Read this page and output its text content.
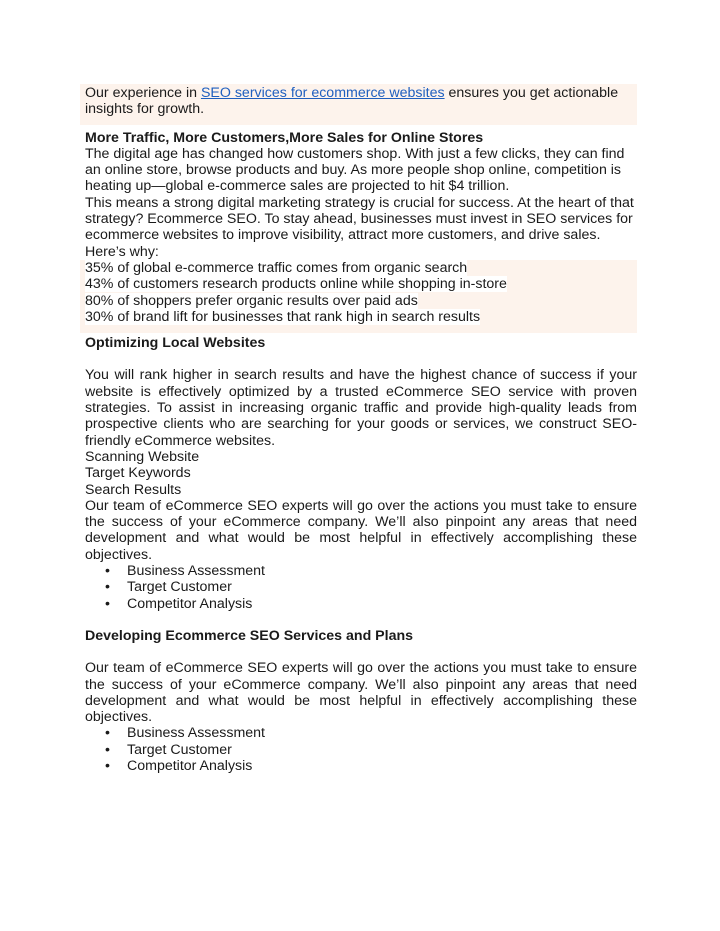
Our experience in SEO services for ecommerce websites ensures you get actionable insights for growth.
More Traffic, More Customers,More Sales for Online Stores
The digital age has changed how customers shop. With just a few clicks, they can find an online store, browse products and buy. As more people shop online, competition is heating up—global e-commerce sales are projected to hit $4 trillion.
This means a strong digital marketing strategy is crucial for success. At the heart of that strategy? Ecommerce SEO. To stay ahead, businesses must invest in SEO services for ecommerce websites to improve visibility, attract more customers, and drive sales.
Here’s why:
35% of global e-commerce traffic comes from organic search
43% of customers research products online while shopping in-store
80% of shoppers prefer organic results over paid ads
30% of brand lift for businesses that rank high in search results
Optimizing Local Websites
You will rank higher in search results and have the highest chance of success if your website is effectively optimized by a trusted eCommerce SEO service with proven strategies. To assist in increasing organic traffic and provide high-quality leads from prospective clients who are searching for your goods or services, we construct SEO-friendly eCommerce websites.
Scanning Website
Target Keywords
Search Results
Our team of eCommerce SEO experts will go over the actions you must take to ensure the success of your eCommerce company. We’ll also pinpoint any areas that need development and what would be most helpful in effectively accomplishing these objectives.
• Business Assessment
• Target Customer
• Competitor Analysis
Developing Ecommerce SEO Services and Plans
Our team of eCommerce SEO experts will go over the actions you must take to ensure the success of your eCommerce company. We’ll also pinpoint any areas that need development and what would be most helpful in effectively accomplishing these objectives.
• Business Assessment
• Target Customer
• Competitor Analysis
